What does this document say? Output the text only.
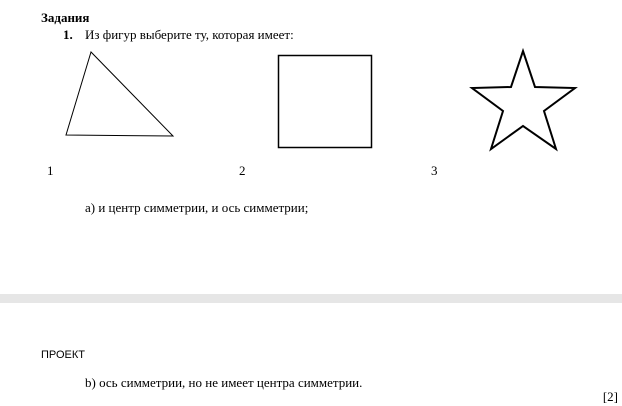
Задания
1. Из фигур выберите ту, которая имеет:
1	2	3
а) и центр симметрии, и ось симметрии;
ПРОЕКТ
b) ось симметрии, но не имеет центра симметрии.
[2]
